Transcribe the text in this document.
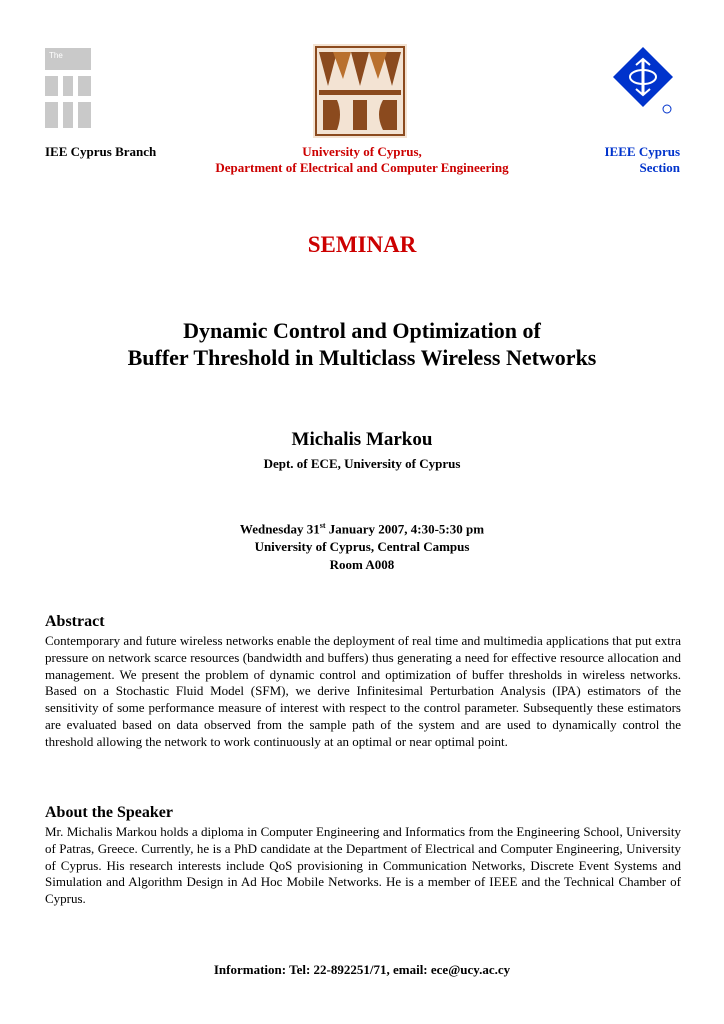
The
IEE Cyprus Branch	University of Cyprus,
Department of Electrical and Computer Engineering
IEEE Cyprus
Section
SEMINAR
Dynamic Control and Optimization of
Buffer Threshold in Multiclass Wireless Networks
Michalis Markou
Dept. of ECE, University of Cyprus
Wednesday 31st January 2007, 4:30-5:30 pm
University of Cyprus, Central Campus
Room A008
Abstract
Contemporary and future wireless networks enable the deployment of real time and multimedia applications that put extra pressure on network scarce resources (bandwidth and buffers) thus generating a need for effective resource allocation and management. We present the problem of dynamic control and optimization of buffer thresholds in wireless networks. Based on a Stochastic Fluid Model (SFM), we derive Infinitesimal Perturbation Analysis (IPA) estimators of the sensitivity of some performance measure of interest with respect to the control parameter. Subsequently these estimators are evaluated based on data observed from the sample path of the system and are used to dynamically control the threshold allowing the network to work continuously at an optimal or near optimal point.
About the Speaker
Mr. Michalis Markou holds a diploma in Computer Engineering and Informatics from the Engineering School, University of Patras, Greece. Currently, he is a PhD candidate at the Department of Electrical and Computer Engineering, University of Cyprus. His research interests include QoS provisioning in Communication Networks, Discrete Event Systems and Simulation and Algorithm Design in Ad Hoc Mobile Networks. He is a member of IEEE and the Technical Chamber of Cyprus.
Information: Tel: 22-892251/71, email: ece@ucy.ac.cy
